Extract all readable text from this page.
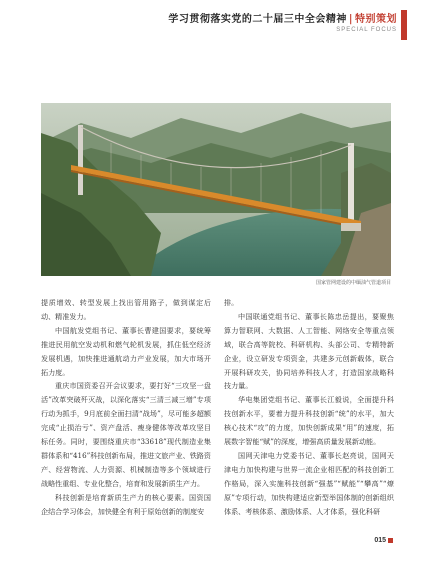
学习贯彻落实党的二十届三中全会精神 | 特别策划
SPECIAL FOCUS
国家管网建设的中缅油气管道项目

提质增效、转型发展上找出管用路子，做到谋定后动、精准发力。

中国航发党组书记、董事长曹建国要求，要统筹推进民用航空发动机和燃气轮机发展，抓住低空经济发展机遇，加快推进通航动力产业发展，加大市场开拓力度。

重庆市国资委召开会议要求，要打好“三攻坚一盘活”改革突破歼灭战，以深化落实“三清三减三增”专项行动为抓手，9月底前全面扫清“战场”，尽可能多超额完成“止损治亏”、资产盘活、瘦身健体等改革攻坚目标任务。同时，要围绕重庆市“33618”现代制造业集群体系和“416”科技创新布局，推进文旅产业、铁路资产、经营物流、人力资源、机械制造等多个领域进行战略性重组、专业化整合，培育和发展新质生产力。

科技创新是培育新质生产力的核心要素。国资国企结合学习体会，加快健全有利于原始创新的制度安

排。

中国联通党组书记、董事长陈忠岳提出，要聚焦算力智联网、大数据、人工智能、网络安全等重点领域，联合高等院校、科研机构、头部公司、专精特新企业，设立研发专项资金，共建多元创新载体，联合开展科研攻关，协同培养科技人才，打造国家战略科技力量。

华电集团党组书记、董事长江毅说，全面提升科技创新水平，要着力提升科技创新“统”的水平，加大核心技术“攻”的力度，加快创新成果“用”的速度，拓展数字智能“赋”的深度，增强高质量发展新动能。

国网天津电力党委书记、董事长赵亮说，国网天津电力加快构建与世界一流企业相匹配的科技创新工作格局，深入实施科技创新“强基”“赋能”“攀高”“燎原”专项行动，加快构建适应新型举国体制的创新组织体系、考核体系、激励体系、人才体系，强化科研

015
